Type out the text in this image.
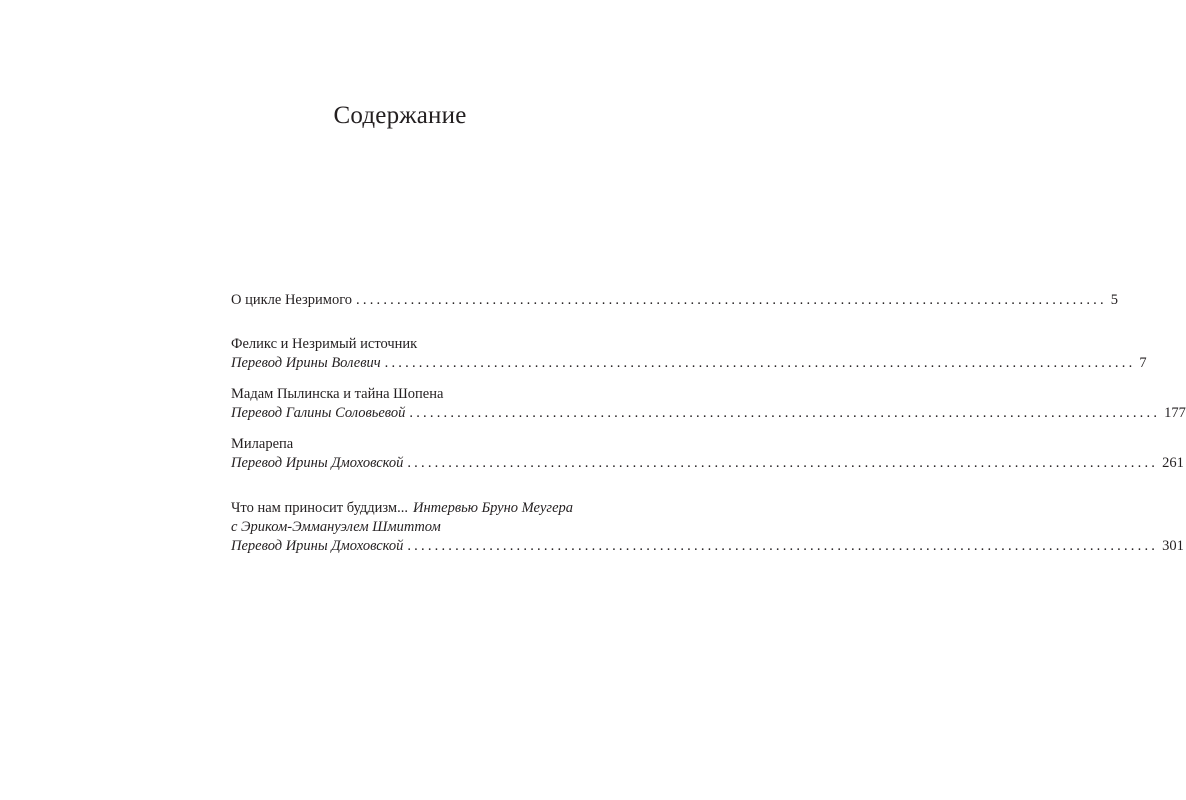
Содержание
О цикле Незримого .............................................................................................................. 5
Феликс и Незримый источник
Перевод Ирины Волевич .............................................................................................................. 7
Мадам Пылинска и тайна Шопена
Перевод Галины Соловьевой .............................................................................................................. 177
Миларепа
Перевод Ирины Дмоховской .............................................................................................................. 261
Что нам приносит буддизм... Интервью Бруно Меугера
с Эриком-Эммануэлем Шмиттом
Перевод Ирины Дмоховской .............................................................................................................. 301
